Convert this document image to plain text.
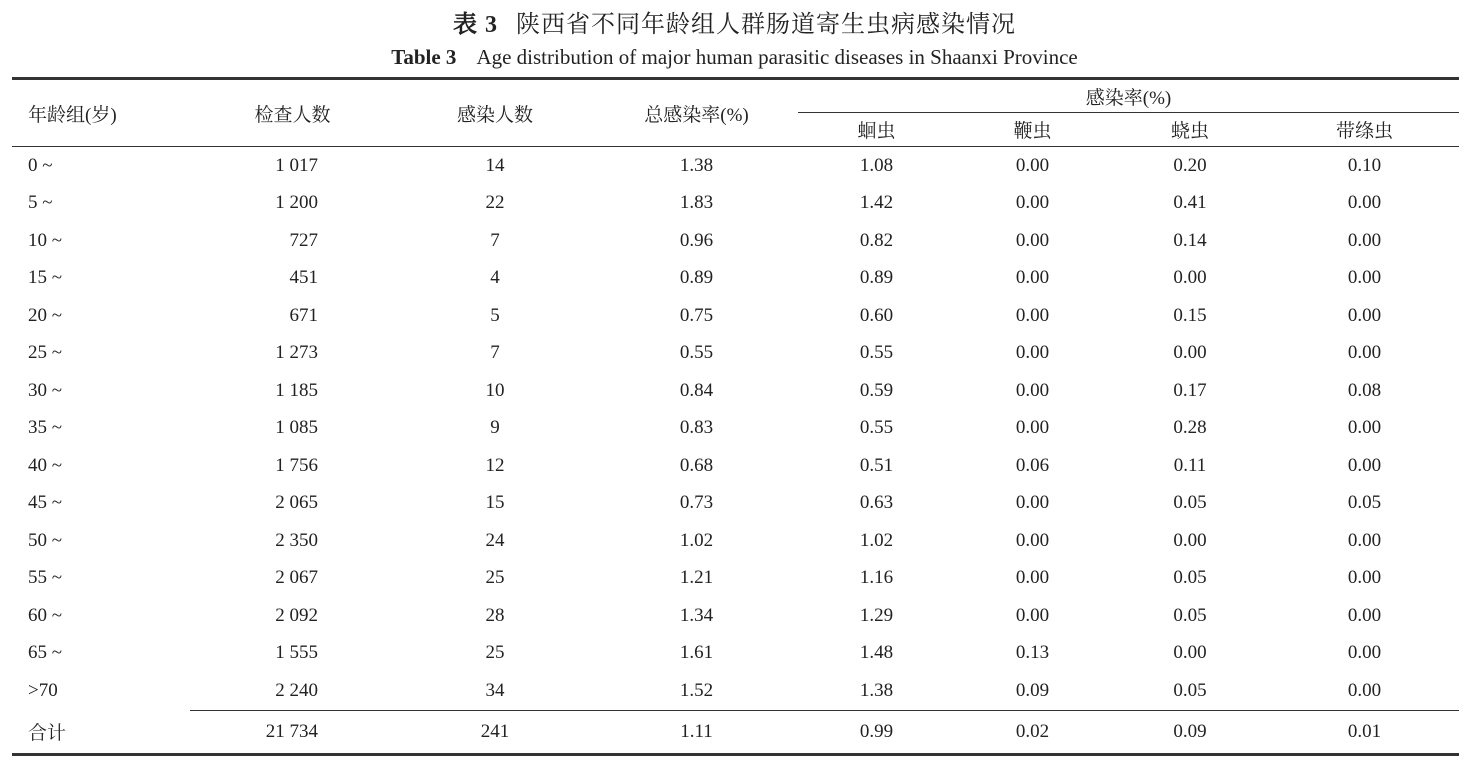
表 3 陕西省不同年龄组人群肠道寄生虫病感染情况
Table 3 Age distribution of major human parasitic diseases in Shaanxi Province
年龄组(岁)	检查人数	感染人数	总感染率(%)	感染率(%)			
				蛔虫	鞭虫	蛲虫	带绦虫
0 ~	1 017	14	1.38	1.08	0.00	0.20	0.10
5 ~	1 200	22	1.83	1.42	0.00	0.41	0.00
10 ~	727	7	0.96	0.82	0.00	0.14	0.00
15 ~	451	4	0.89	0.89	0.00	0.00	0.00
20 ~	671	5	0.75	0.60	0.00	0.15	0.00
25 ~	1 273	7	0.55	0.55	0.00	0.00	0.00
30 ~	1 185	10	0.84	0.59	0.00	0.17	0.08
35 ~	1 085	9	0.83	0.55	0.00	0.28	0.00
40 ~	1 756	12	0.68	0.51	0.06	0.11	0.00
45 ~	2 065	15	0.73	0.63	0.00	0.05	0.05
50 ~	2 350	24	1.02	1.02	0.00	0.00	0.00
55 ~	2 067	25	1.21	1.16	0.00	0.05	0.00
60 ~	2 092	28	1.34	1.29	0.00	0.05	0.00
65 ~	1 555	25	1.61	1.48	0.13	0.00	0.00
>70	2 240	34	1.52	1.38	0.09	0.05	0.00
合计	21 734	241	1.11	0.99	0.02	0.09	0.01
